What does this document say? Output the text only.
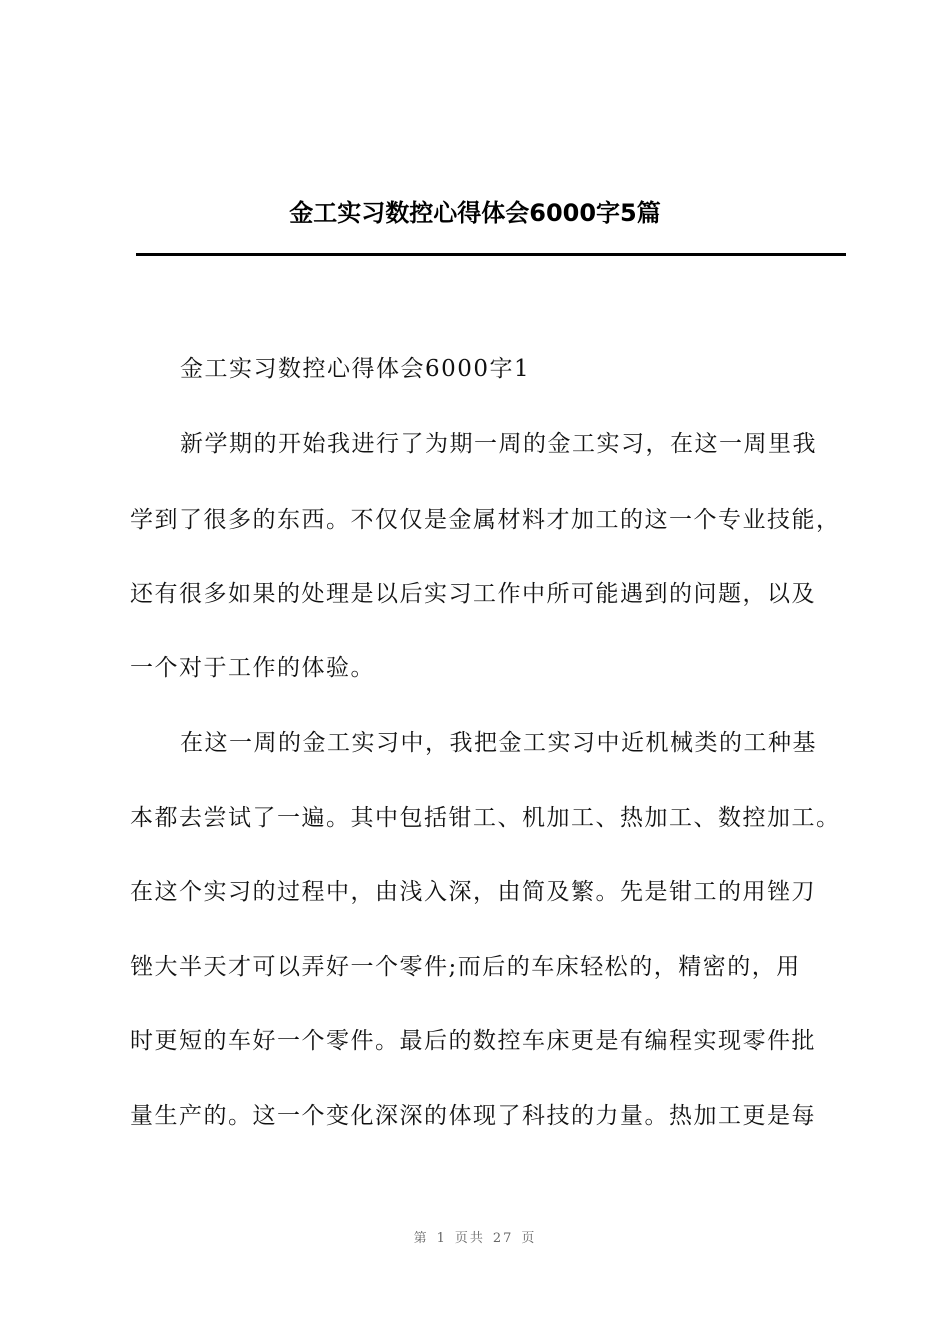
金工实习数控心得体会6000字5篇
金工实习数控心得体会6000字1
新学期的开始我进行了为期一周的金工实习，在这一周里我
学到了很多的东西。不仅仅是金属材料才加工的这一个专业技能，
还有很多如果的处理是以后实习工作中所可能遇到的问题，以及
一个对于工作的体验。
在这一周的金工实习中，我把金工实习中近机械类的工种基
本都去尝试了一遍。其中包括钳工、机加工、热加工、数控加工。
在这个实习的过程中，由浅入深，由简及繁。先是钳工的用锉刀
锉大半天才可以弄好一个零件;而后的车床轻松的，精密的，用
时更短的车好一个零件。最后的数控车床更是有编程实现零件批
量生产的。这一个变化深深的体现了科技的力量。热加工更是每
第 1 页共 27 页
